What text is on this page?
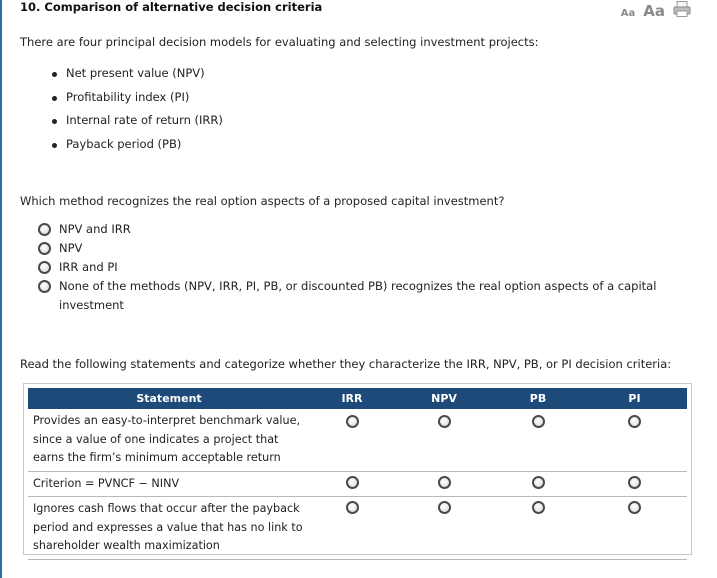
10. Comparison of alternative decision criteria	Aa Aa
There are four principal decision models for evaluating and selecting investment projects:
Net present value (NPV)
Profitability index (PI)
Internal rate of return (IRR)
Payback period (PB)
Which method recognizes the real option aspects of a proposed capital investment?
NPV and IRR
NPV
IRR and PI
None of the methods (NPV, IRR, PI, PB, or discounted PB) recognizes the real option aspects of a capital investment
Read the following statements and categorize whether they characterize the IRR, NPV, PB, or PI decision criteria:
Statement	IRR	NPV	PB	PI
Provides an easy-to-interpret benchmark value, since a value of one indicates a project that earns the firm’s minimum acceptable return				
Criterion = PVNCF − NINV				
Ignores cash flows that occur after the payback period and expresses a value that has no link to shareholder wealth maximization				
